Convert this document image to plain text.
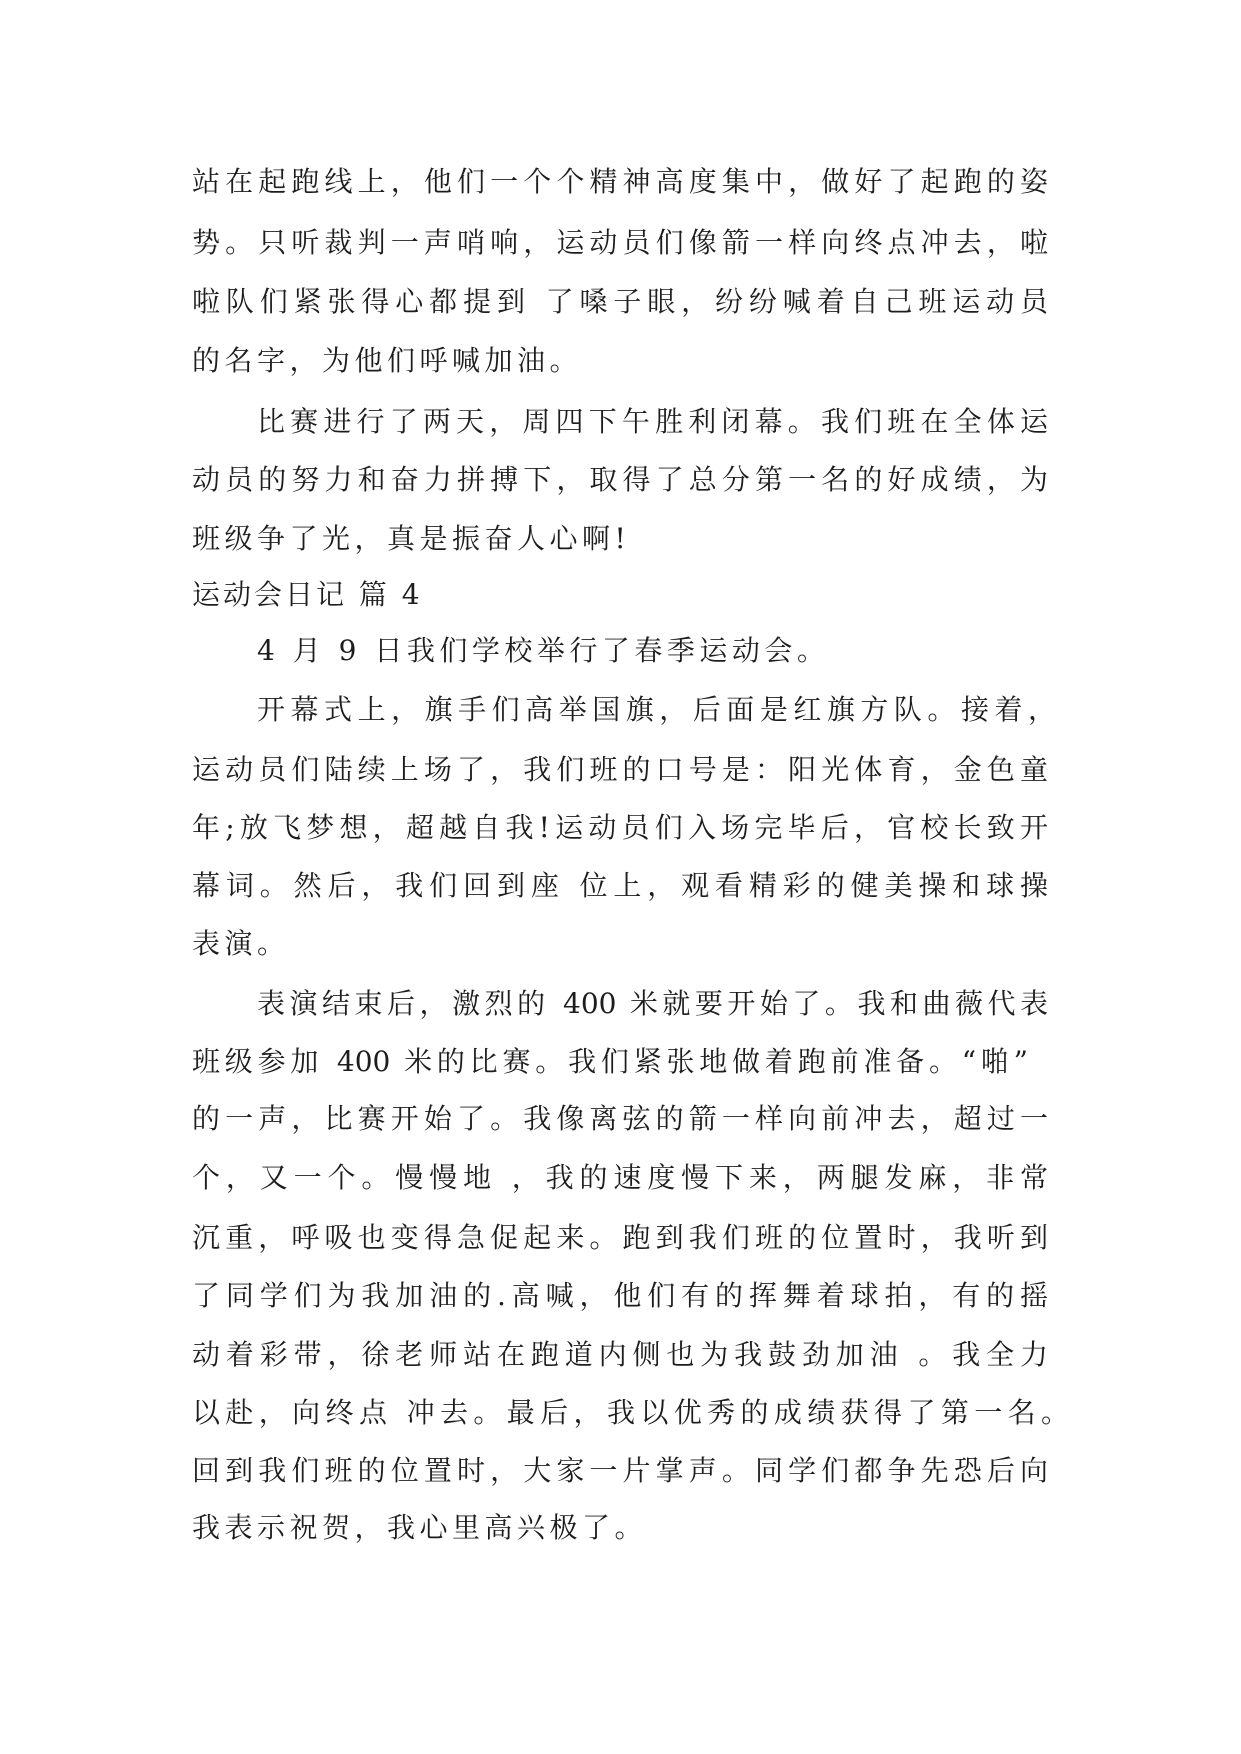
站在起跑线上，他们一个个精神高度集中，做好了起跑的姿
势。只听裁判一声哨响，运动员们像箭一样向终点冲去，啦
啦队们紧张得心都提到 了嗓子眼，纷纷喊着自己班运动员
的名字，为他们呼喊加油。
比赛进行了两天，周四下午胜利闭幕。我们班在全体运
动员的努力和奋力拼搏下，取得了总分第一名的好成绩，为
班级争了光，真是振奋人心啊!
运动会日记 篇 4
4 月 9 日我们学校举行了春季运动会。
开幕式上，旗手们高举国旗，后面是红旗方队。接着，
运动员们陆续上场了，我们班的口号是：阳光体育，金色童
年;放飞梦想，超越自我!运动员们入场完毕后，官校长致开
幕词。然后，我们回到座 位上，观看精彩的健美操和球操
表演。
表演结束后，激烈的 400 米就要开始了。我和曲薇代表
班级参加 400 米的比赛。我们紧张地做着跑前准备。“啪”
的一声，比赛开始了。我像离弦的箭一样向前冲去，超过一
个，又一个。慢慢地 ，我的速度慢下来，两腿发麻，非常
沉重，呼吸也变得急促起来。跑到我们班的位置时，我听到
了同学们为我加油的.高喊，他们有的挥舞着球拍，有的摇
动着彩带，徐老师站在跑道内侧也为我鼓劲加油 。我全力
以赴，向终点 冲去。最后，我以优秀的成绩获得了第一名。
回到我们班的位置时，大家一片掌声。同学们都争先恐后向
我表示祝贺，我心里高兴极了。
